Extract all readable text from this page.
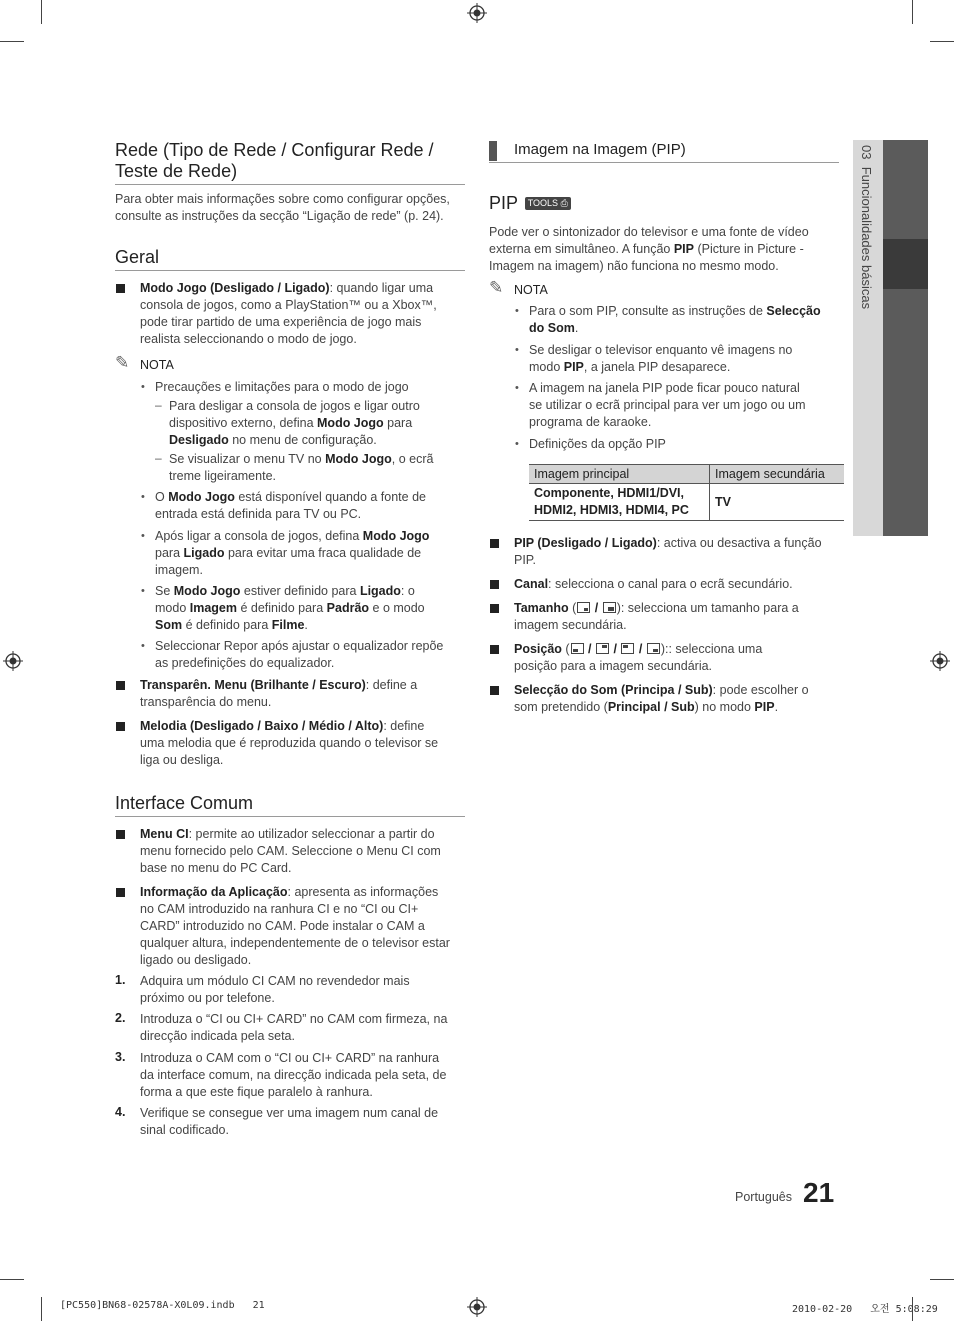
03  Funcionalidades básicas
Rede (Tipo de Rede / Configurar Rede /
Teste de Rede)
Para obter mais informações sobre como configurar opções,
consulte as instruções da secção “Ligação de rede” (p. 24).
Geral
Modo Jogo (Desligado / Ligado): quando ligar uma
consola de jogos, como a PlayStation™ ou a Xbox™,
pode tirar partido de uma experiência de jogo mais
realista seleccionando o modo de jogo.
✎ NOTA
• Precauções e limitações para o modo de jogo
– Para desligar a consola de jogos e ligar outro
dispositivo externo, defina Modo Jogo para
Desligado no menu de configuração.
– Se visualizar o menu TV no Modo Jogo, o ecrã
treme ligeiramente.
• O Modo Jogo está disponível quando a fonte de
entrada está definida para TV ou PC.
• Após ligar a consola de jogos, defina Modo Jogo
para Ligado para evitar uma fraca qualidade de
imagem.
• Se Modo Jogo estiver definido para Ligado: o
modo Imagem é definido para Padrão e o modo
Som é definido para Filme.
• Seleccionar Repor após ajustar o equalizador repõe
as predefinições do equalizador.
Transparên. Menu (Brilhante / Escuro): define a
transparência do menu.
Melodia (Desligado / Baixo / Médio / Alto): define
uma melodia que é reproduzida quando o televisor se
liga ou desliga.
Interface Comum
Menu CI: permite ao utilizador seleccionar a partir do
menu fornecido pelo CAM. Seleccione o Menu CI com
base no menu do PC Card.
Informação da Aplicação: apresenta as informações
no CAM introduzido na ranhura CI e no “CI ou CI+
CARD” introduzido no CAM. Pode instalar o CAM a
qualquer altura, independentemente de o televisor estar
ligado ou desligado.
1. Adquira um módulo CI CAM no revendedor mais
próximo ou por telefone.
2. Introduza o “CI ou CI+ CARD” no CAM com firmeza, na
direcção indicada pela seta.
3. Introduza o CAM com o “CI ou CI+ CARD” na ranhura
da interface comum, na direcção indicada pela seta, de
forma a que este fique paralelo à ranhura.
4. Verifique se consegue ver uma imagem num canal de
sinal codificado.
Imagem na Imagem (PIP)
PIP TOOLS ⎙
Pode ver o sintonizador do televisor e uma fonte de vídeo
externa em simultâneo. A função PIP (Picture in Picture -
Imagem na imagem) não funciona no mesmo modo.
✎ NOTA
• Para o som PIP, consulte as instruções de Selecção
do Som.
• Se desligar o televisor enquanto vê imagens no
modo PIP, a janela PIP desaparece.
• A imagem na janela PIP pode ficar pouco natural
se utilizar o ecrã principal para ver um jogo ou um
programa de karaoke.
• Definições da opção PIP
Imagem principal	Imagem secundária
Componente, HDMI1/DVI,
HDMI2, HDMI3, HDMI4, PC	TV
PIP (Desligado / Ligado): activa ou desactiva a função
PIP.
Canal: selecciona o canal para o ecrã secundário.
Tamanho (
/
): selecciona um tamanho para a
imagem secundária.
Posição (
/
/
/
):: selecciona uma
posição para a imagem secundária.
Selecção do Som (Principa / Sub): pode escolher o
som pretendido (Principal / Sub) no modo PIP.
Português 21
[PC550]BN68-02578A-X0L09.indb   21	2010-02-20   오전 5:08:29
